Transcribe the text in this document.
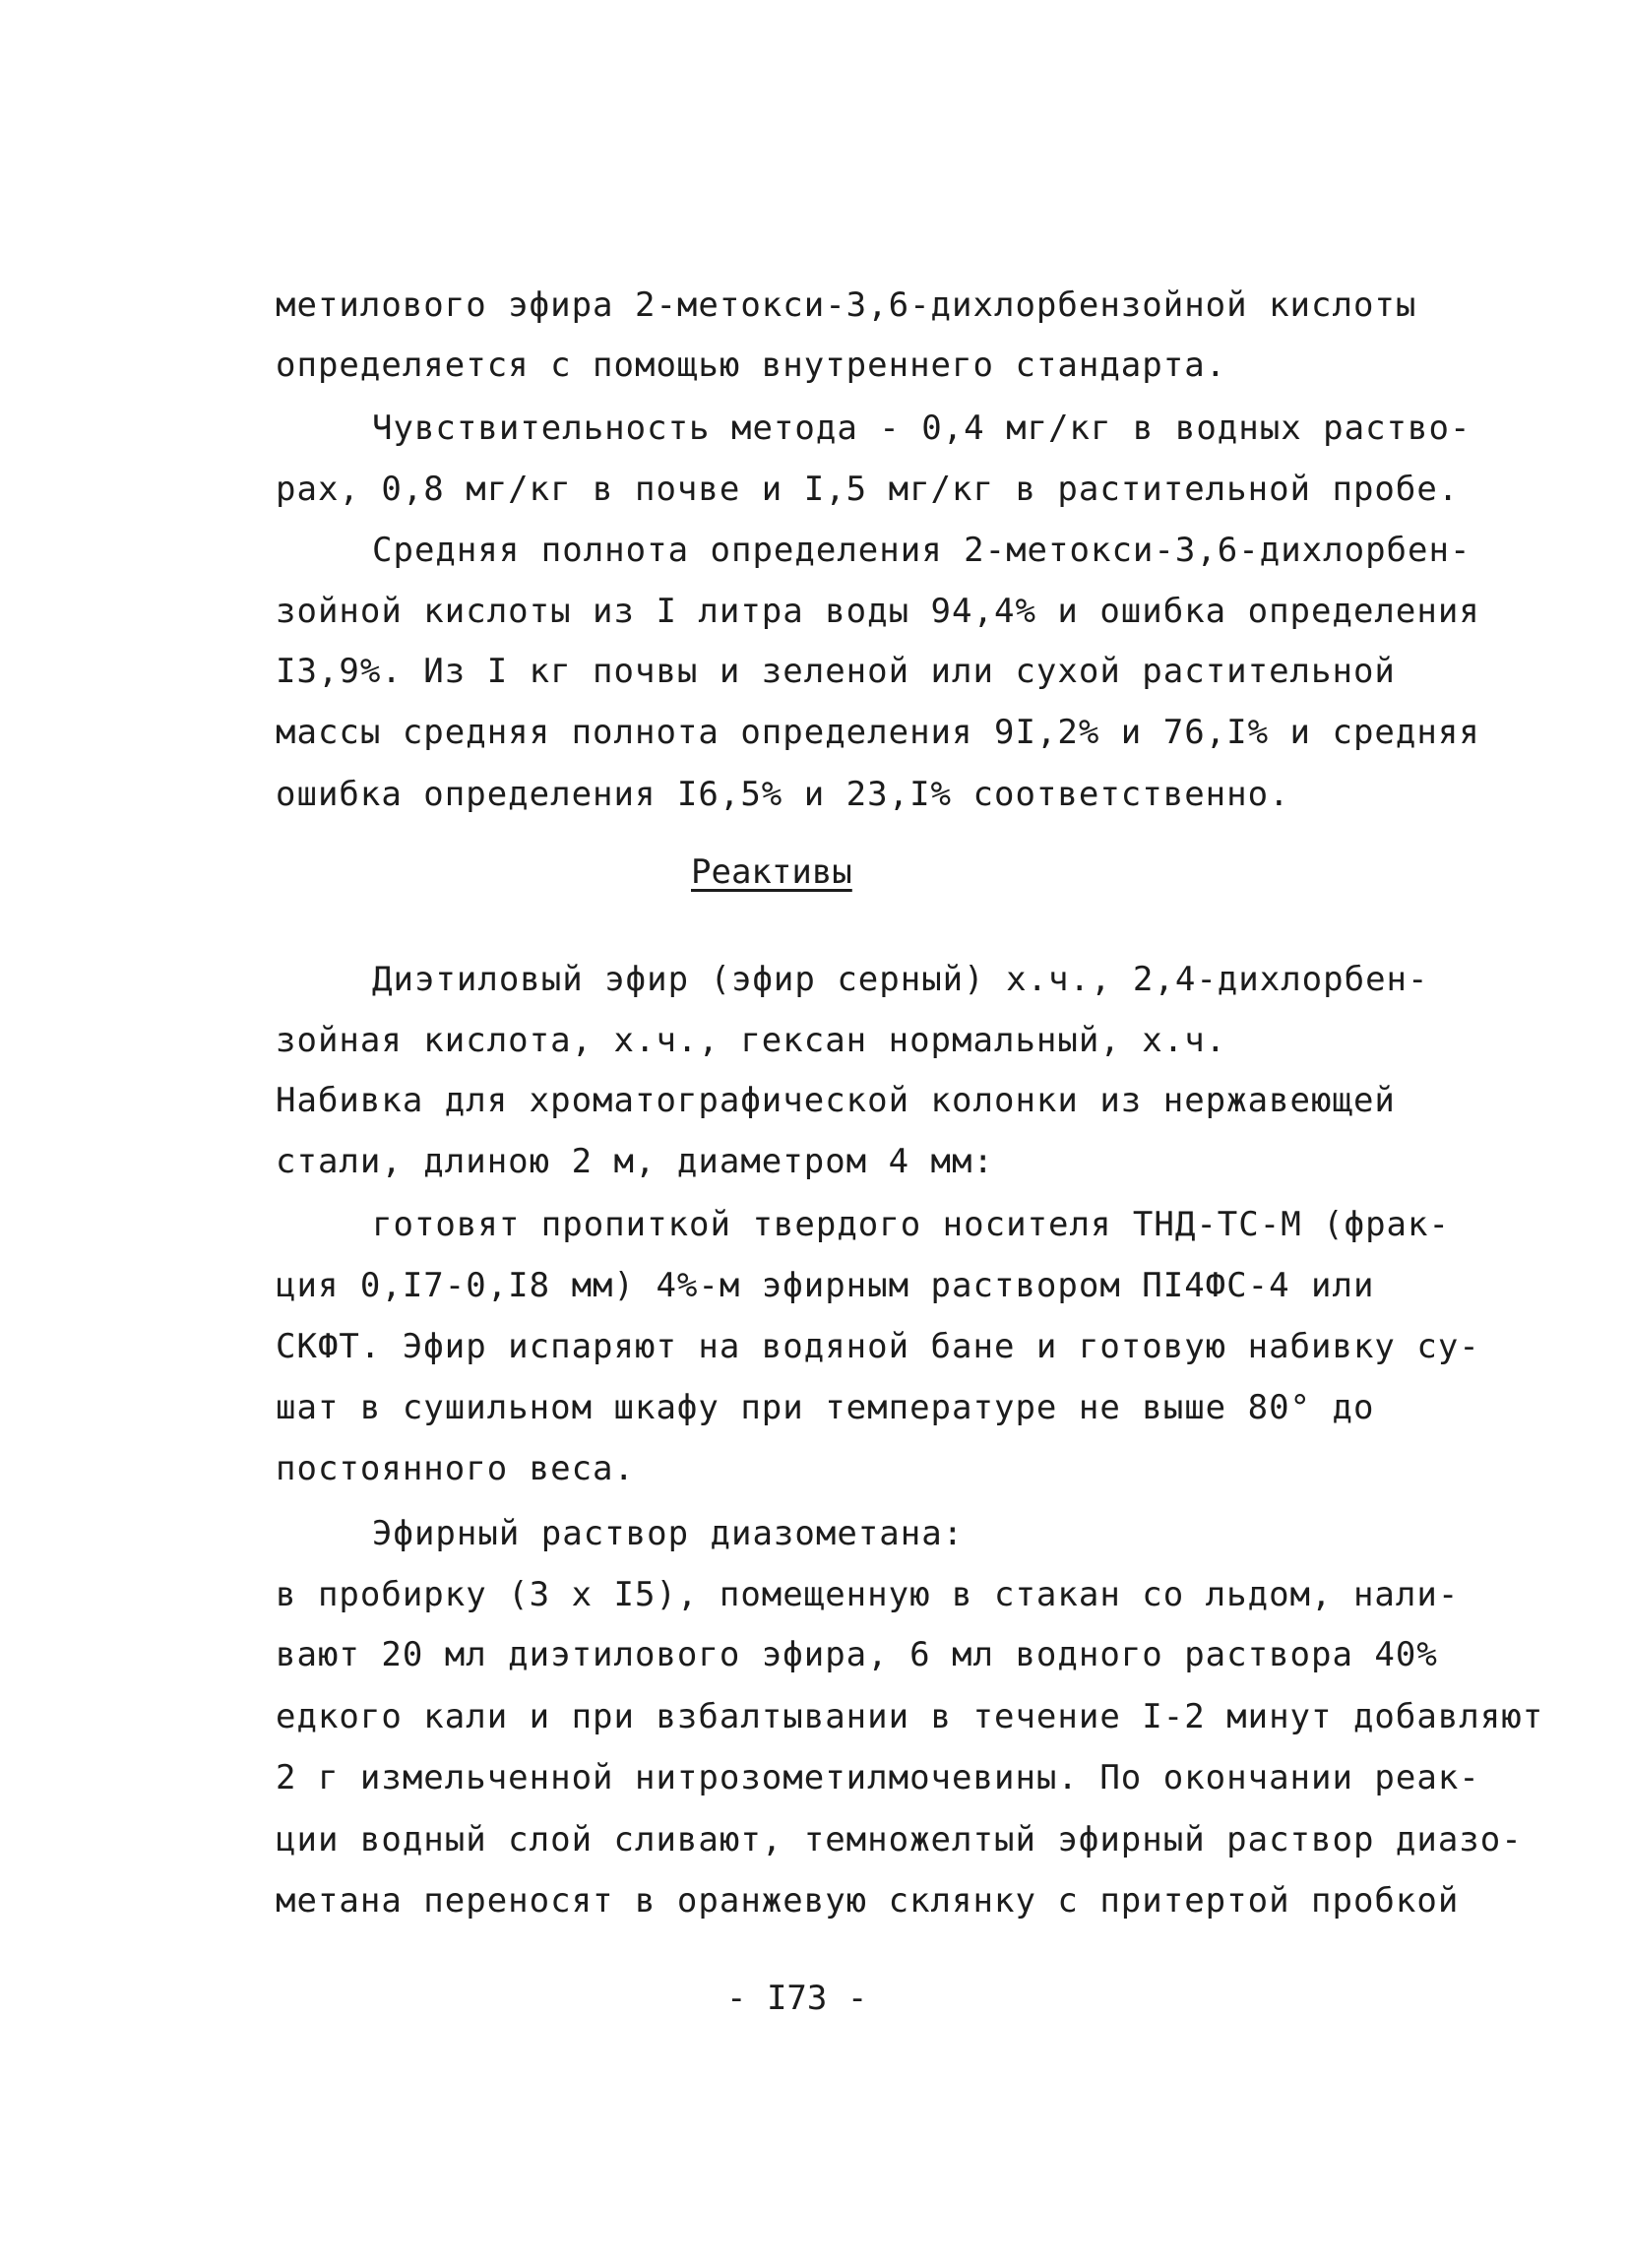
метилового эфира 2-метокси-3,6-дихлорбензойной кислоты
определяется с помощью внутреннего стандарта.
Чувствительность метода - 0,4 мг/кг в водных раство-
рах, 0,8 мг/кг в почве и I,5 мг/кг в растительной пробе.
Средняя полнота определения 2-метокси-3,6-дихлорбен-
зойной кислоты из I литра воды 94,4% и ошибка определения
I3,9%. Из I кг почвы и зеленой или сухой растительной
массы средняя полнота определения 9I,2% и 76,I% и средняя
ошибка определения I6,5% и 23,I% соответственно.
Реактивы
Диэтиловый эфир (эфир серный) х.ч., 2,4-дихлорбен-
зойная кислота, х.ч., гексан нормальный, х.ч.
Набивка для хроматографической колонки из нержавеющей
стали, длиною 2 м, диаметром 4 мм:
готовят пропиткой твердого носителя ТНД-ТС-М (фрак-
ция 0,I7-0,I8 мм) 4%-м эфирным раствором ПI4ФС-4 или
СКФТ. Эфир испаряют на водяной бане и готовую набивку су-
шат в сушильном шкафу при температуре не выше 80° до
постоянного веса.
Эфирный раствор диазометана:
в пробирку (3 х I5), помещенную в стакан со льдом, нали-
вают 20 мл диэтилового эфира, 6 мл водного раствора 40%
едкого кали и при взбалтывании в течение I-2 минут добавляют
2 г измельченной нитрозометилмочевины. По окончании реак-
ции водный слой сливают, темножелтый эфирный раствор диазо-
метана переносят в оранжевую склянку с притертой пробкой
- I73 -
